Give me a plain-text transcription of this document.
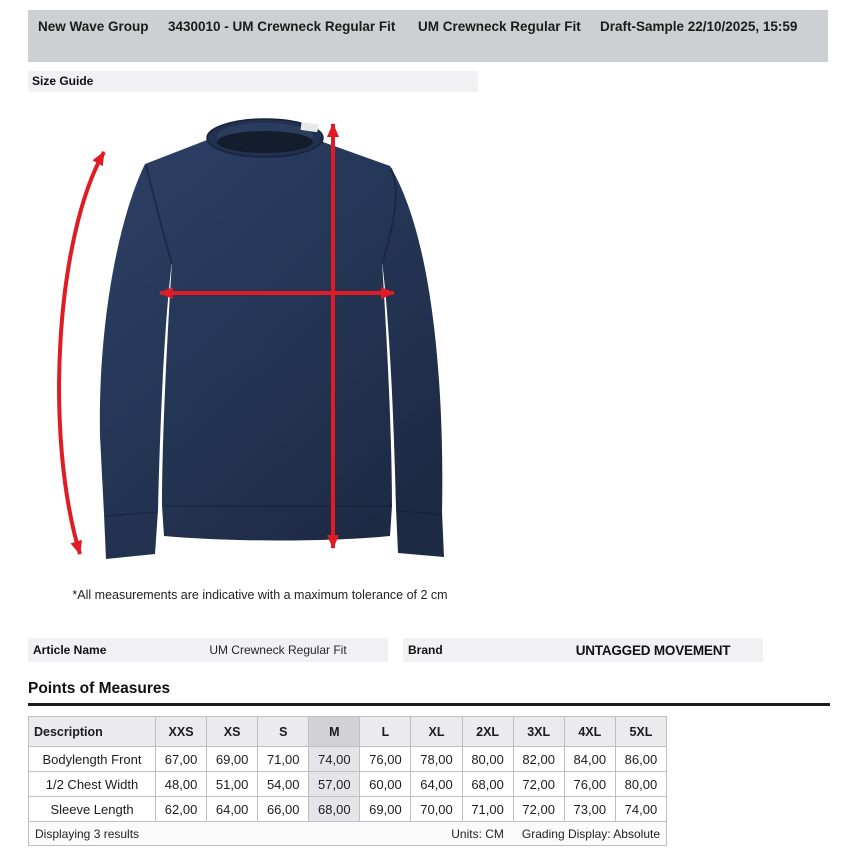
New Wave Group	3430010 - UM Crewneck Regular Fit	UM Crewneck Regular Fit	Draft-Sample 22/10/2025, 15:59
Size Guide
*All measurements are indicative with a maximum tolerance of 2 cm
Article Name	UM Crewneck Regular Fit	Brand	UNTAGGED MOVEMENT
Points of Measures
Description	XXS	XS	S	M	L	XL	2XL	3XL	4XL	5XL
Bodylength Front	67,00	69,00	71,00	74,00	76,00	78,00	80,00	82,00	84,00	86,00
1/2 Chest Width	48,00	51,00	54,00	57,00	60,00	64,00	68,00	72,00	76,00	80,00
Sleeve Length	62,00	64,00	66,00	68,00	69,00	70,00	71,00	72,00	73,00	74,00
Displaying 3 results	Units: CM Grading Display: Absolute
